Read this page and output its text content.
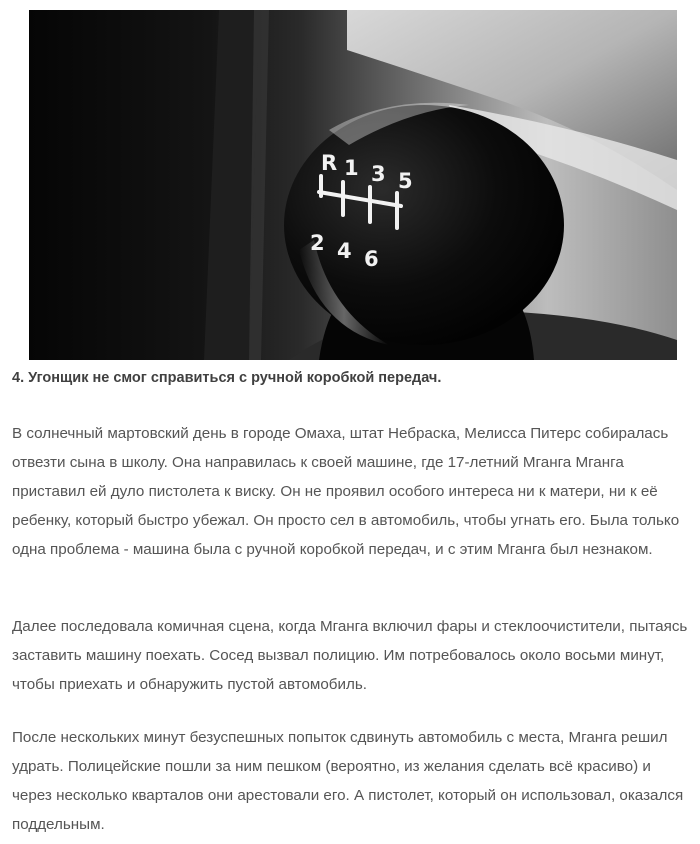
R 1 3 5
2 4 6
4. Угонщик не смог справиться с ручной коробкой передач.

В солнечный мартовский день в городе Омаха, штат Небраска, Мелисса Питерс собиралась отвезти сына в школу. Она направилась к своей машине, где 17-летний Мганга Мганга приставил ей дуло пистолета к виску. Он не проявил особого интереса ни к матери, ни к её ребенку, который быстро убежал. Он просто сел в автомобиль, чтобы угнать его. Была только одна проблема - машина была с ручной коробкой передач, и с этим Мганга был незнаком.

Далее последовала комичная сцена, когда Мганга включил фары и стеклоочистители, пытаясь заставить машину поехать. Сосед вызвал полицию. Им потребовалось около восьми минут, чтобы приехать и обнаружить пустой автомобиль.

После нескольких минут безуспешных попыток сдвинуть автомобиль с места, Мганга решил удрать. Полицейские пошли за ним пешком (вероятно, из желания сделать всё красиво) и через несколько кварталов они арестовали его. А пистолет, который он использовал, оказался поддельным.
